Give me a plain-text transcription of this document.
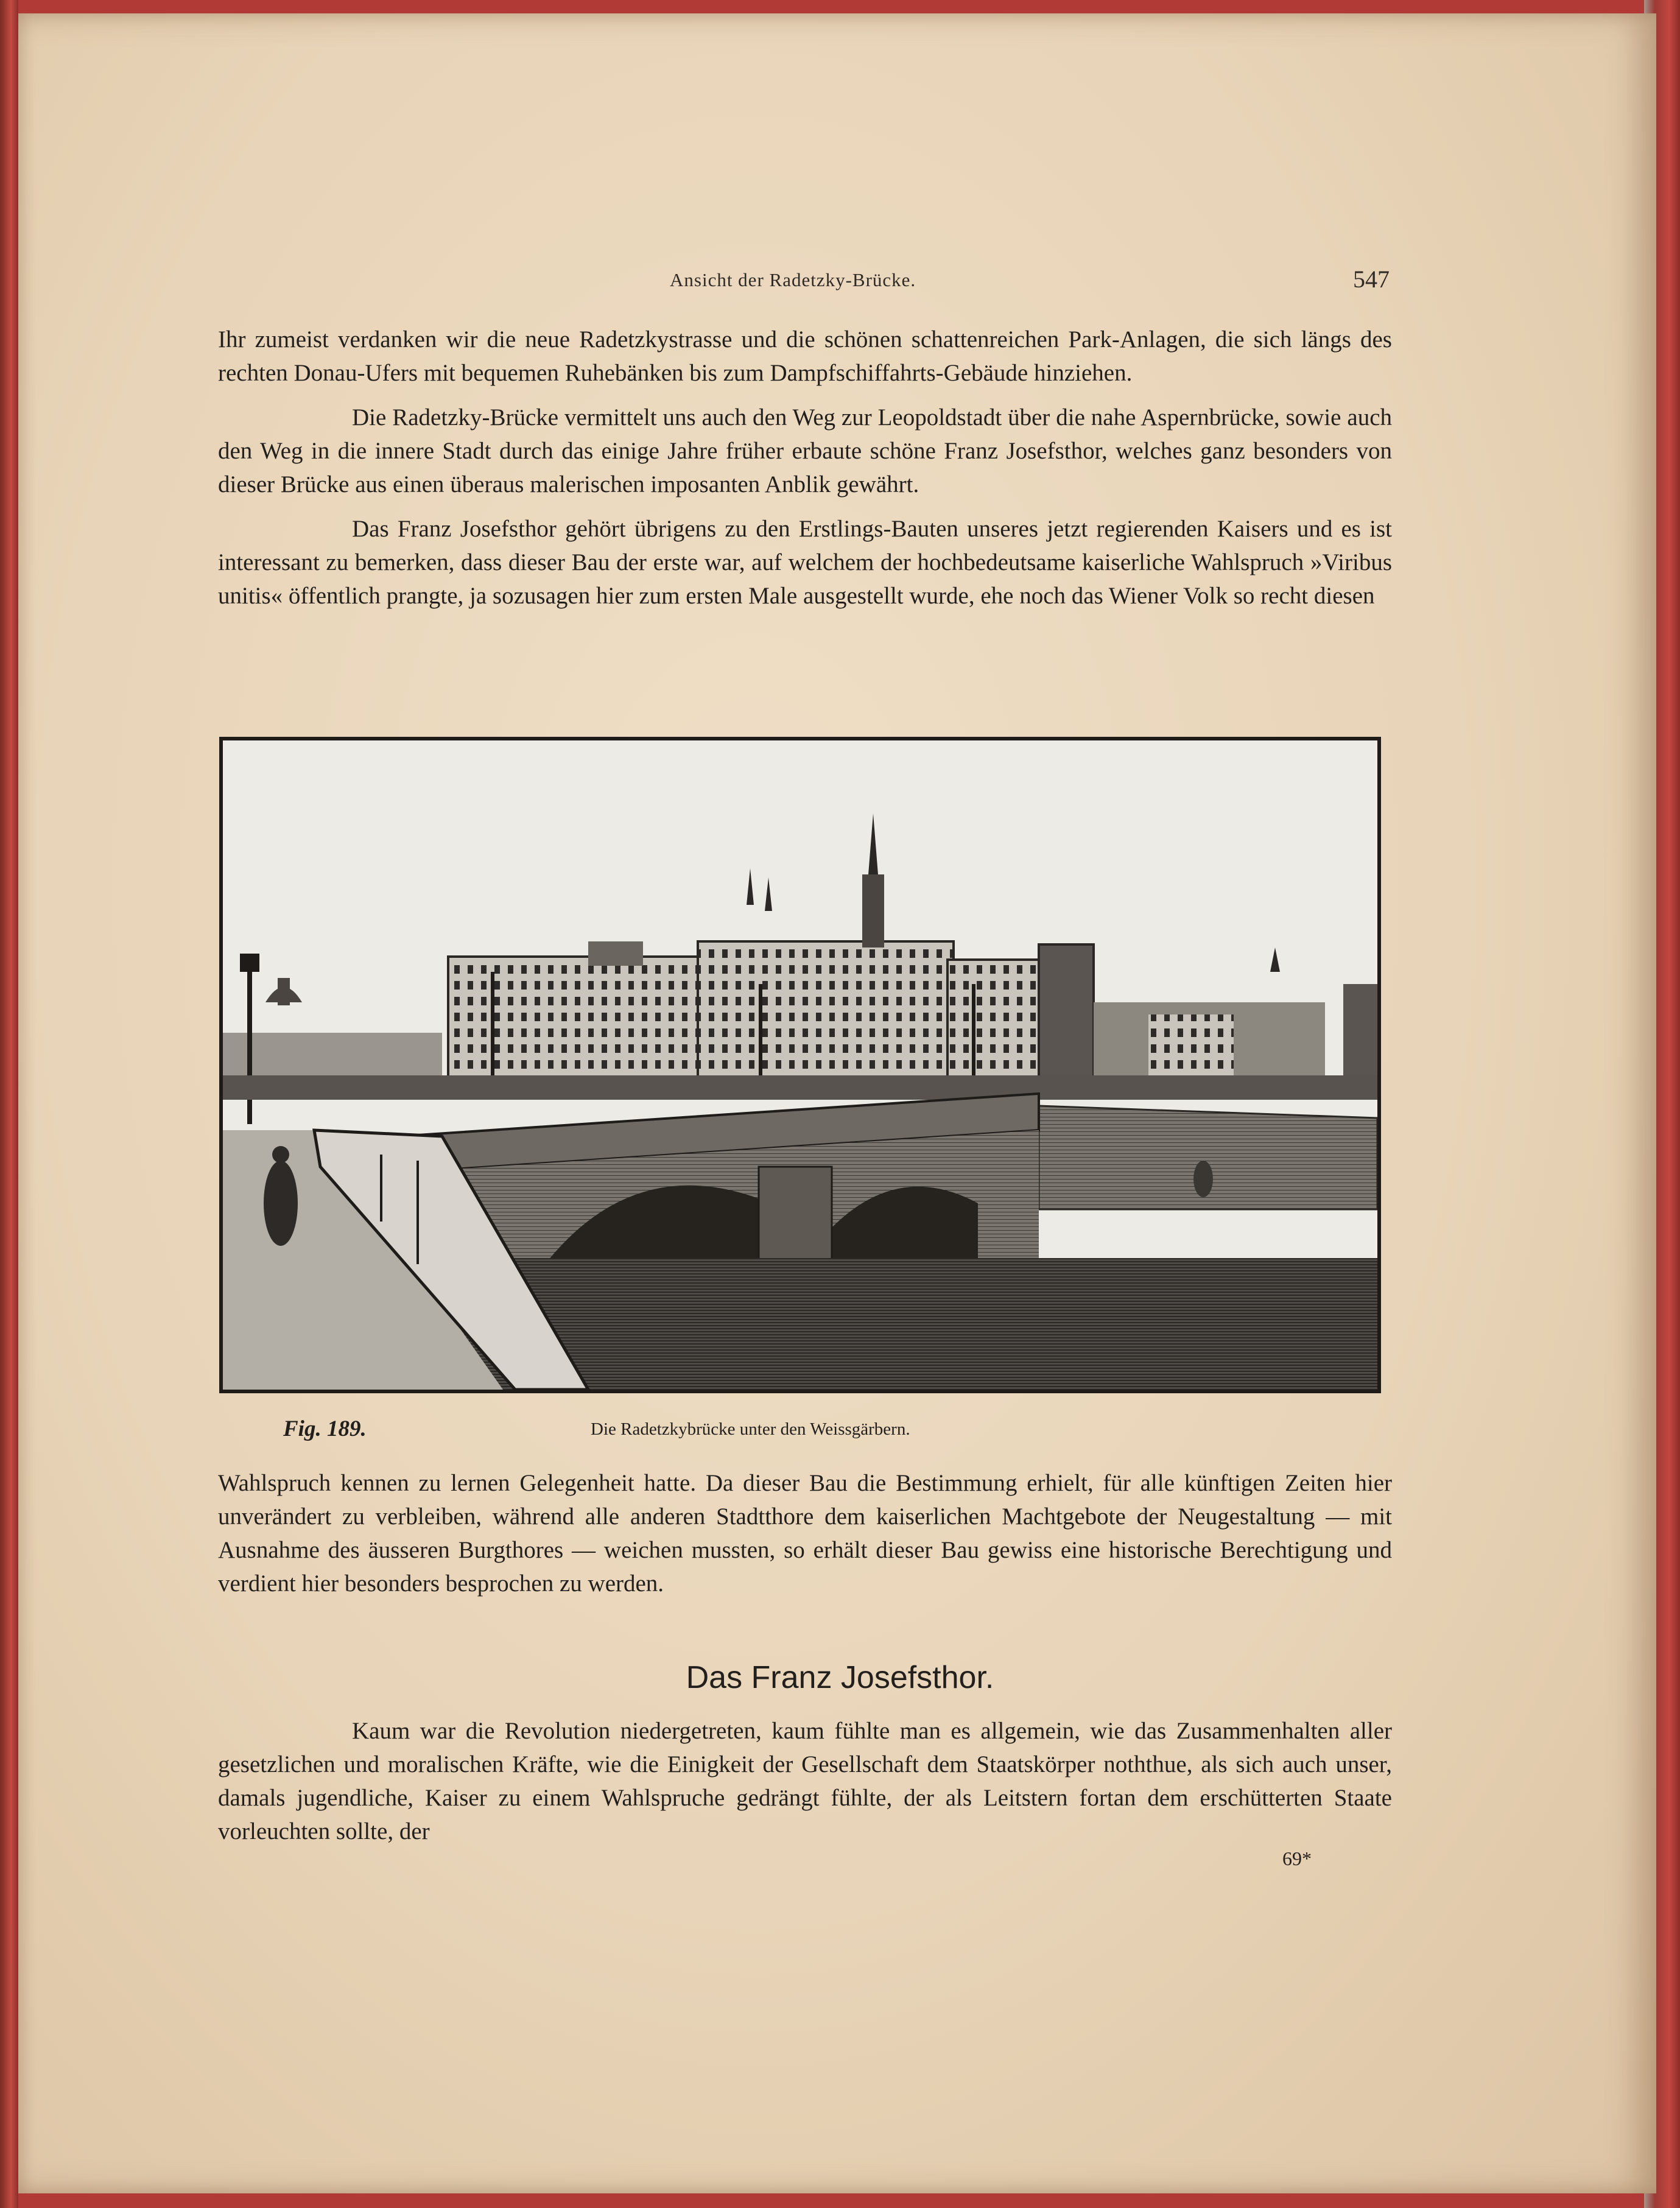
Ansicht der Radetzky-Brücke.	547

Ihr zumeist verdanken wir die neue Radetzkystrasse und die schönen schattenreichen Park-Anlagen, die sich längs des rechten Donau-Ufers mit bequemen Ruhebänken bis zum Dampfschiffahrts-Gebäude hinziehen.

Die Radetzky-Brücke vermittelt uns auch den Weg zur Leopoldstadt über die nahe Aspernbrücke, sowie auch den Weg in die innere Stadt durch das einige Jahre früher erbaute schöne Franz Josefsthor, welches ganz besonders von dieser Brücke aus einen überaus malerischen imposanten Anblik gewährt.

Das Franz Josefsthor gehört übrigens zu den Erstlings-Bauten unseres jetzt regierenden Kaisers und es ist interessant zu bemerken, dass dieser Bau der erste war, auf welchem der hochbedeutsame kaiserliche Wahlspruch »Viribus unitis« öffentlich prangte, ja sozusagen hier zum ersten Male ausgestellt wurde, ehe noch das Wiener Volk so recht diesen

Fig. 189.	Die Radetzkybrücke unter den Weissgärbern.

Wahlspruch kennen zu lernen Gelegenheit hatte. Da dieser Bau die Bestimmung erhielt, für alle künftigen Zeiten hier unverändert zu verbleiben, während alle anderen Stadtthore dem kaiserlichen Machtgebote der Neugestaltung — mit Ausnahme des äusseren Burgthores — weichen mussten, so erhält dieser Bau gewiss eine historische Berechtigung und verdient hier besonders besprochen zu werden.

Das Franz Josefsthor.

Kaum war die Revolution niedergetreten, kaum fühlte man es allgemein, wie das Zusammenhalten aller gesetzlichen und moralischen Kräfte, wie die Einigkeit der Gesellschaft dem Staatskörper noththue, als sich auch unser, damals jugendliche, Kaiser zu einem Wahlspruche gedrängt fühlte, der als Leitstern fortan dem erschütterten Staate vorleuchten sollte, der

69*
